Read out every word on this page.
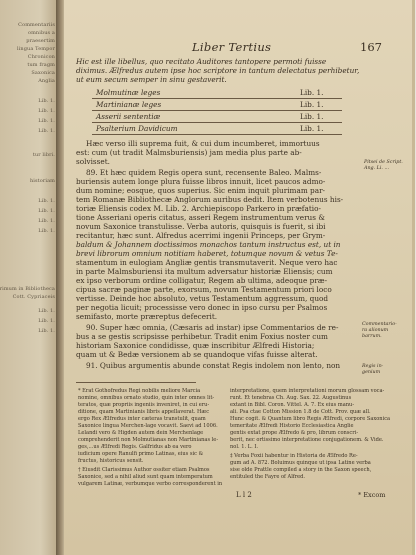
Commentariis
omnibus a
praesertim
lingua Tempor
Chronicon
tum fragm
Saxonica
Anglia
Lib. 1.
Lib. 1.
Lib. 1.
Lib. 1.
tur libri.
historiam
Lib. 1.
Lib. 1.
Lib. 1.
Lib. 1.
rimum in Bibliotheca
Cott. Cypriaceis
Lib. 1.
Lib. 1.
Lib. 1.
Liber Tertius	167
Hic est ille libellus, quo recitato Auditores tantopere permoti fuisse
diximus. Ælfredus autem ipse hoc scriptore in tantum delectatus perhibetur,
ut eum secum semper in sinu gestaverit.
Molmutinæ leges	Lib. 1.
Martinianæ leges	Lib. 1.
Asserii sententiæ	Lib. 1.
Psalterium Davidicum	Lib. 1.
Hæc verso illi suprema fuit, & cui dum incumberet, immortuus
est: cum (ut tradit Malmsburiensis) jam media plus parte ab-
solvisset.
89. Et hæc quidem Regis opera sunt, recensente Baleo. Malms-
buriensis autem longe plura fuisse libros innuit, licet paucos admo-
dum nomine; eosque, quos superius. Sic enim inquit plurimam par-
tem Romanæ Bibliothecæ Anglorum auribus dedit. Item verbotenus his-
toriæ Eliensis codex M. Lib. 2. Archiepiscopo Parkero in præfatio-
tione Asseriani operis citatus, asseri Regem instrumentum verus &
novum Saxonice transtulisse. Verba autoris, quisquis is fuerit, si ibi
recitantur, hæc sunt. Alfredus acerrimi ingenii Princeps, per Grym-
baldum & Johannem doctissimos monachos tantum instructus est, ut in
brevi librorum omnium notitiam haberet, totumque novum & vetus Te-
stamentum in eulogiam Angliæ gentis transmutaverit. Neque vero hac
in parte Malmsburiensi ita multum adversatur historiæ Eliensis; cum
ex ipso verborum ordine colligatur, Regem ab ultima, adeoque præ-
cipua sacræ paginæ parte, exorsum, novum Testamentum priori loco
vertisse. Deinde hoc absoluto, vetus Testamentum aggressum, quod
per negotia licuit; processisse vero donec in ipso cursu per Psalmos
semifasto, morte præreptus defecerit.
90. Super hæc omnia, (Cæsaris ad instar) ipse Commentarios de re-
bus a se gestis scripsisse perhibetur. Tradit enim Foxius noster cum
historiam Saxonice condidisse, quæ inscribitur Ælfredi Historia;
quam ut & Bedæ versionem ab se quandoque vifas fuisse alterat.
91. Quibus argumentis abunde constat Regis indolem non lento, non
Pitsei de Script.
Ang. Li. ...
Commentario-
ra alionum
barrum.
Regis in-
genium
* Erat Gothofredus Regi nobilis meliore Marcia
nomine, omnibus ornato studio, quin inter omnes lit-
teratos, quæ propriis ingeniis inveniret, in cui eru-
ditione, quam Martinianis libris appellaverat. Hæc
ergo Rex Ælfredus inter cæteras transtulit, quam
Saxonice lingua Merchen-lage vocavit. Saevi ad 1006.
Lelandi vero & Higden autem dein Merchenlage
comprehenderit non Molmutianas non Martinianas le-
ges,...us Ælfredi Regis. Galfridus ab ea vero
iudicium opere Ranulfi primo Latinas, eius sic &
fructus, historicus sensit.
† Eiusdit Clarissimus Author ossiter etiam Psalmos
Saxonice, sed a nihil aliud sunt quam intemperatum
vulgarem Latinæ, verbumque verbo corresponderent in
interpretatione, quem interpretationi morum glossam voca-
runt. Et tenebras Ch. Aug. Sax. 22. Augustinus
extant in Bibl. Coron. Vittel. A. 7. Ex eius manu-
ali. Psa ctae Cotton Mission 1.8 de Cott. Prov. quæ all.
Hunc cogit. & Quantum libro Regis Ælfredi, corpore Saxonica
temeritate Ælfredi Historio Ecclesiastica Anglie
gentis extat prope Ælfredo & pro, librum conscri-
berit, nec ortissimo interpretatione conjugationem. & Vide.
nol. 1. L. I.
‡ Verba Foxii habentur in Historia de Ælfredo Re-
gum ad A. 872. Boluimus quinque ut ipsa Latine verba
sise olde Prattle compiled a story in the Saxon speech,
entituled the Fayre of Alfred.
L l 2	* Excom
